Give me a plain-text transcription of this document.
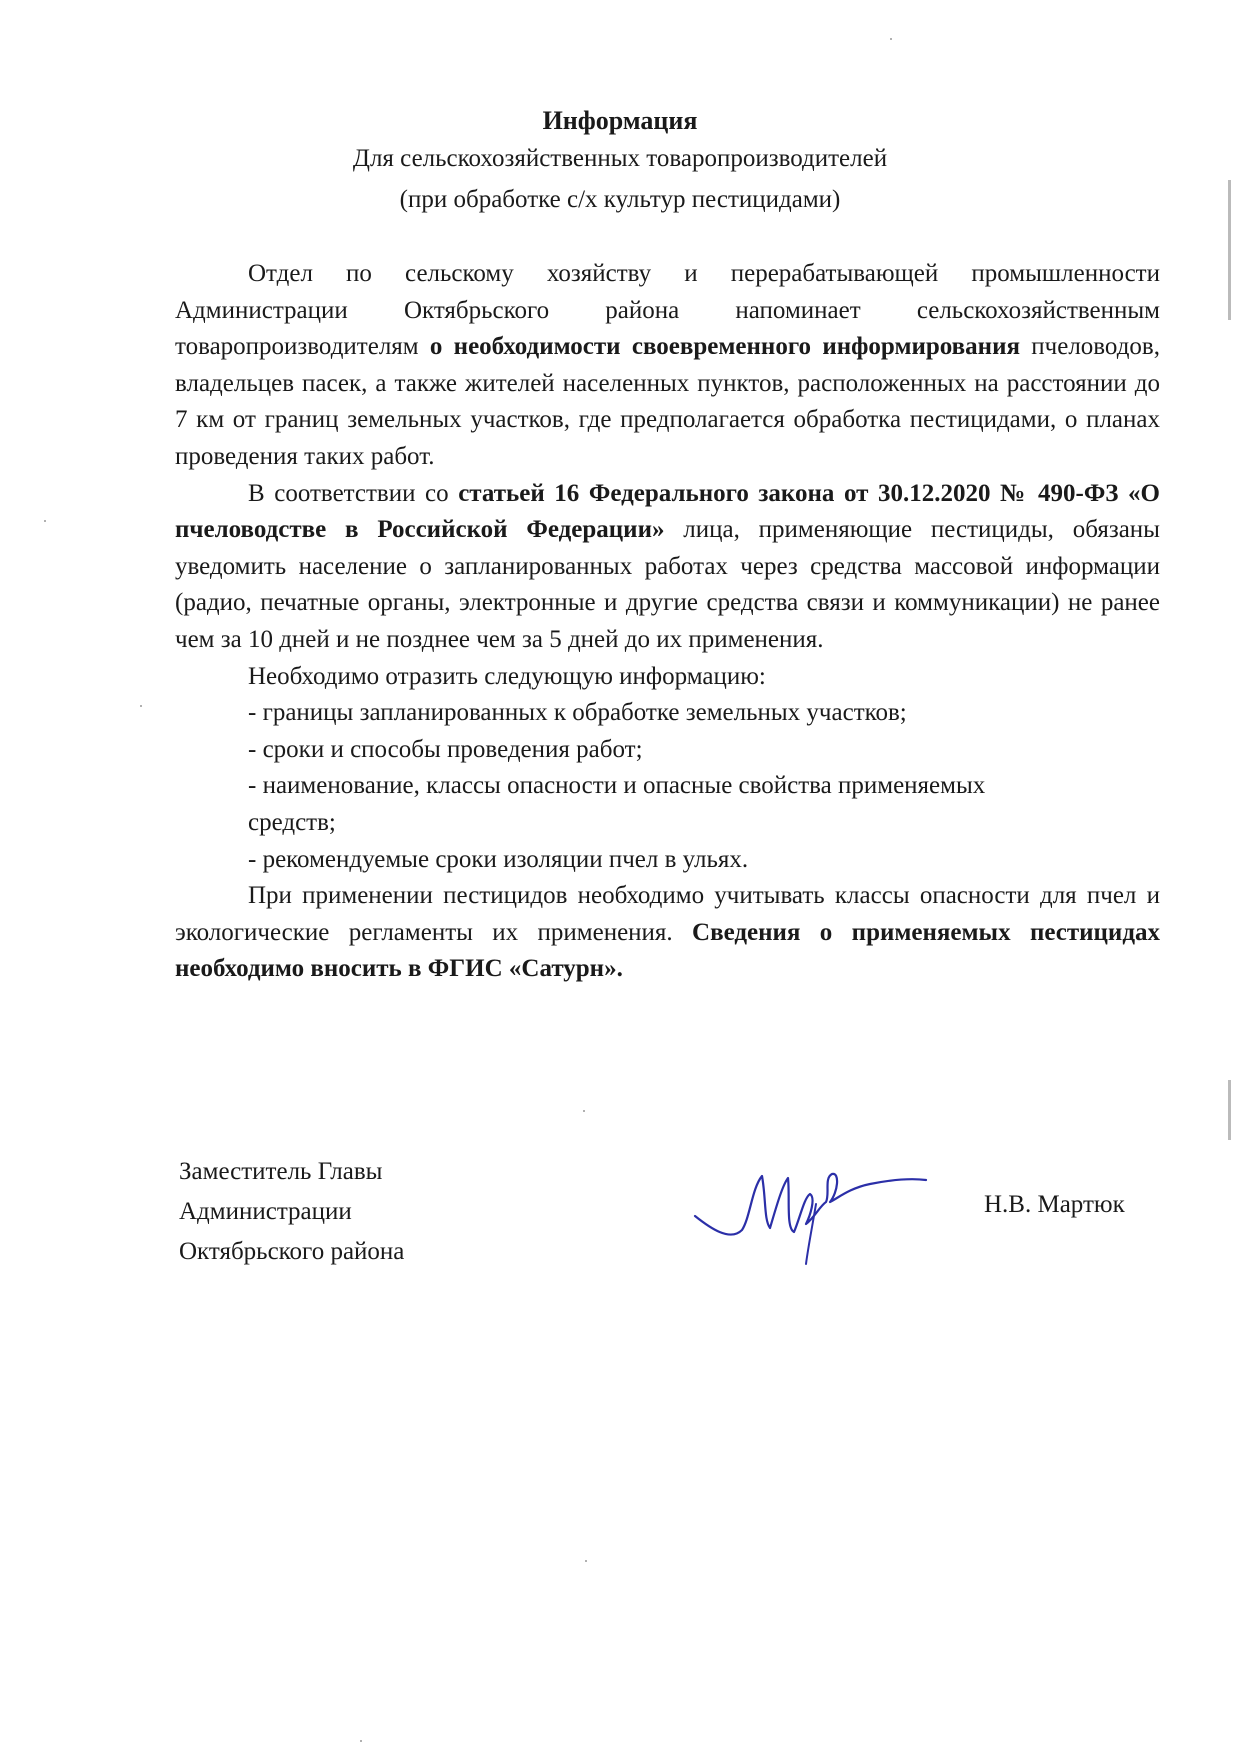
Информация
Для сельскохозяйственных товаропроизводителей
(при обработке с/х культур пестицидами)

Отдел по сельскому хозяйству и перерабатывающей промышленности Администрации Октябрьского района напоминает сельскохозяйственным товаропроизводителям о необходимости своевременного информирования пчеловодов, владельцев пасек, а также жителей населенных пунктов, расположенных на расстоянии до 7 км от границ земельных участков, где предполагается обработка пестицидами, о планах проведения таких работ.

В соответствии со статьей 16 Федерального закона от 30.12.2020 № 490-ФЗ «О пчеловодстве в Российской Федерации» лица, применяющие пестициды, обязаны уведомить население о запланированных работах через средства массовой информации (радио, печатные органы, электронные и другие средства связи и коммуникации) не ранее чем за 10 дней и не позднее чем за 5 дней до их применения.

Необходимо отразить следующую информацию:

- границы запланированных к обработке земельных участков;
- сроки и способы проведения работ;
- наименование, классы опасности и опасные свойства применяемых
средств;
- рекомендуемые сроки изоляции пчел в ульях.

При применении пестицидов необходимо учитывать классы опасности для пчел и экологические регламенты их применения. Сведения о применяемых пестицидах необходимо вносить в ФГИС «Сатурн».

Заместитель Главы
Администрации
Октябрьского района
Н.В. Мартюк
